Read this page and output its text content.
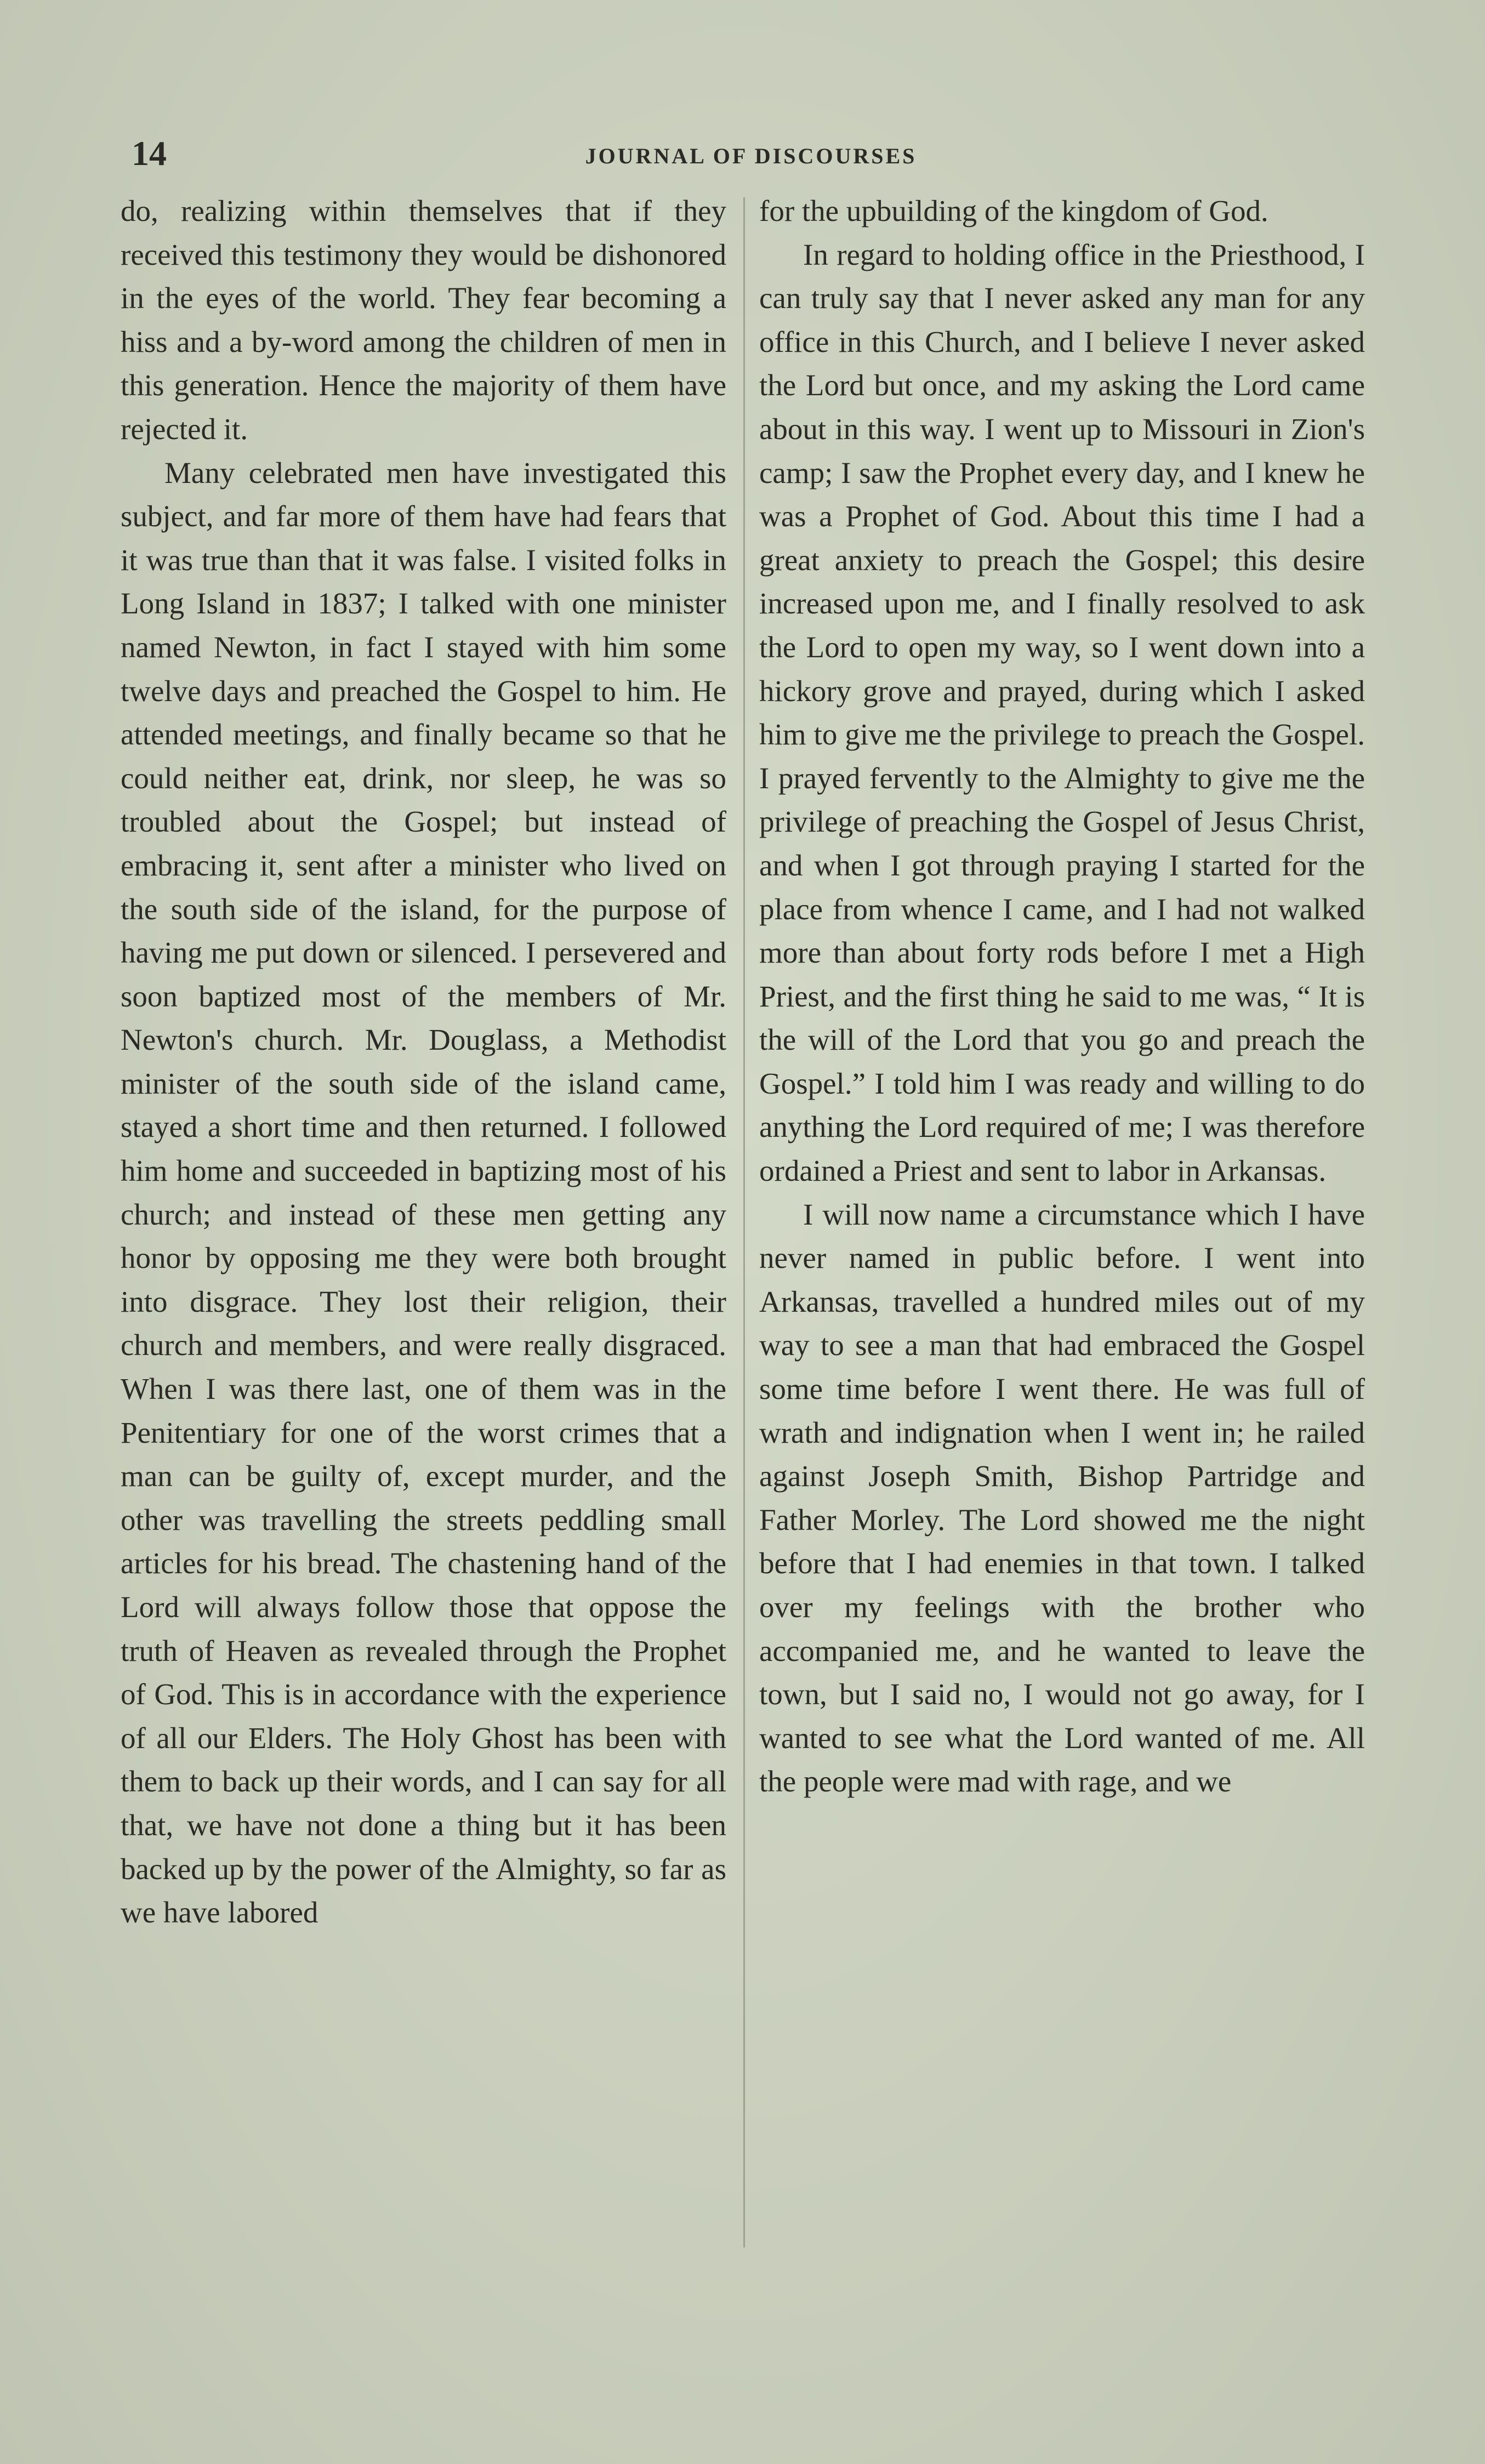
14	JOURNAL OF DISCOURSES

do, realizing within themselves that if they received this testimony they would be dishonored in the eyes of the world. They fear becoming a hiss and a by-word among the children of men in this generation. Hence the majority of them have rejected it.

Many celebrated men have investigated this subject, and far more of them have had fears that it was true than that it was false. I visited folks in Long Island in 1837; I talked with one minister named Newton, in fact I stayed with him some twelve days and preached the Gospel to him. He attended meetings, and finally became so that he could neither eat, drink, nor sleep, he was so troubled about the Gospel; but instead of embracing it, sent after a minister who lived on the south side of the island, for the purpose of having me put down or silenced. I persevered and soon baptized most of the members of Mr. Newton's church. Mr. Douglass, a Methodist minister of the south side of the island came, stayed a short time and then returned. I followed him home and succeeded in baptizing most of his church; and instead of these men getting any honor by opposing me they were both brought into disgrace. They lost their religion, their church and members, and were really disgraced. When I was there last, one of them was in the Penitentiary for one of the worst crimes that a man can be guilty of, except murder, and the other was travelling the streets peddling small articles for his bread. The chastening hand of the Lord will always follow those that oppose the truth of Heaven as revealed through the Prophet of God. This is in accordance with the experience of all our Elders. The Holy Ghost has been with them to back up their words, and I can say for all that, we have not done a thing but it has been backed up by the power of the Almighty, so far as we have labored

for the upbuilding of the kingdom of God.

In regard to holding office in the Priesthood, I can truly say that I never asked any man for any office in this Church, and I believe I never asked the Lord but once, and my asking the Lord came about in this way. I went up to Missouri in Zion's camp; I saw the Prophet every day, and I knew he was a Prophet of God. About this time I had a great anxiety to preach the Gospel; this desire increased upon me, and I finally resolved to ask the Lord to open my way, so I went down into a hickory grove and prayed, during which I asked him to give me the privilege to preach the Gospel. I prayed fervently to the Almighty to give me the privilege of preaching the Gospel of Jesus Christ, and when I got through praying I started for the place from whence I came, and I had not walked more than about forty rods before I met a High Priest, and the first thing he said to me was, “ It is the will of the Lord that you go and preach the Gospel.” I told him I was ready and willing to do anything the Lord required of me; I was therefore ordained a Priest and sent to labor in Arkansas.

I will now name a circumstance which I have never named in public before. I went into Arkansas, travelled a hundred miles out of my way to see a man that had embraced the Gospel some time before I went there. He was full of wrath and indignation when I went in; he railed against Joseph Smith, Bishop Partridge and Father Morley. The Lord showed me the night before that I had enemies in that town. I talked over my feelings with the brother who accompanied me, and he wanted to leave the town, but I said no, I would not go away, for I wanted to see what the Lord wanted of me. All the people were mad with rage, and we
